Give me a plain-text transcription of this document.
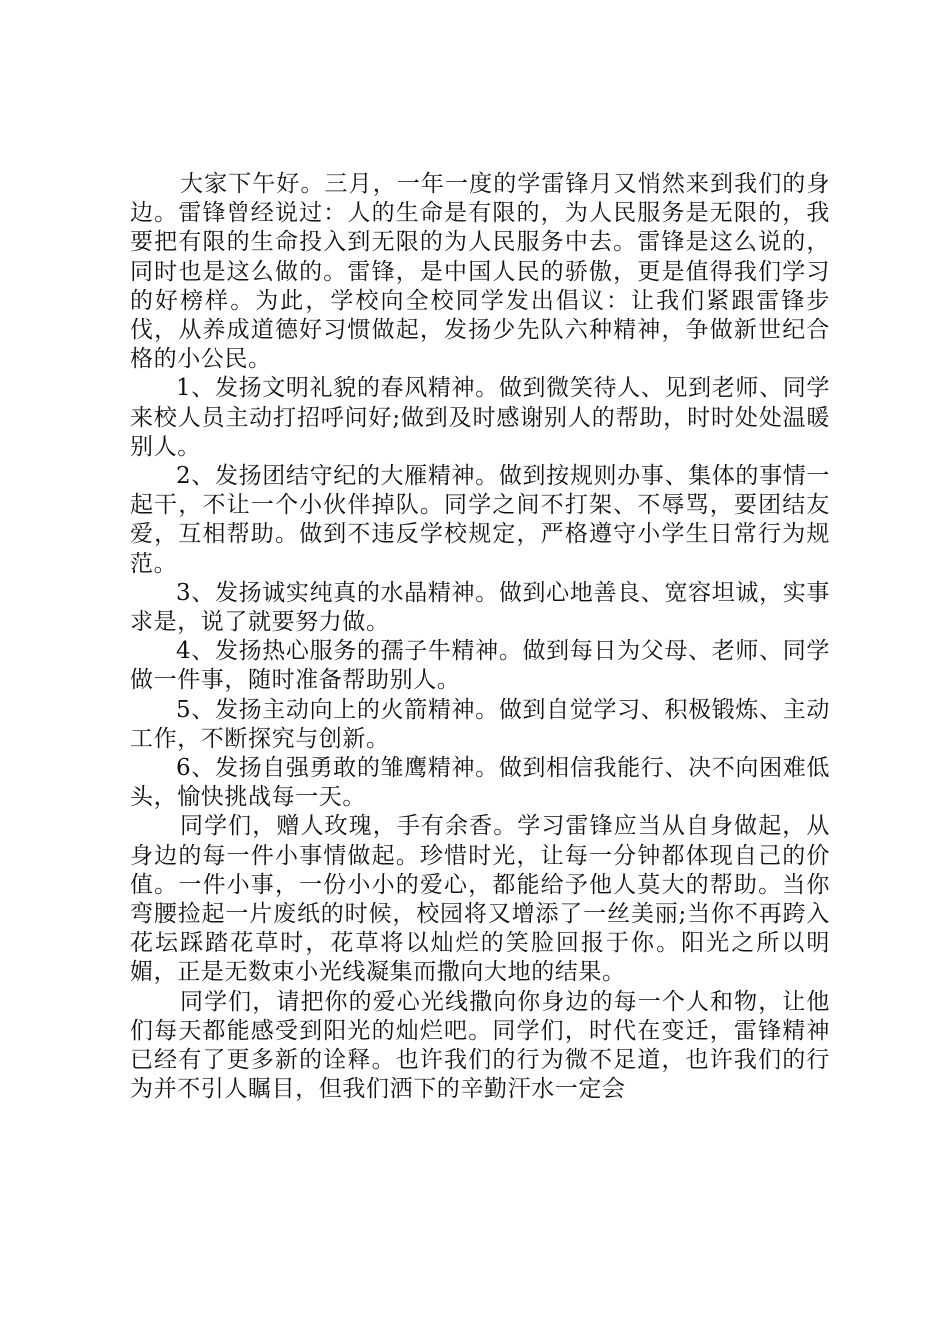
大家下午好。三月，一年一度的学雷锋月又悄然来到我们的身边。雷锋曾经说过：人的生命是有限的，为人民服务是无限的，我要把有限的生命投入到无限的为人民服务中去。雷锋是这么说的，同时也是这么做的。雷锋，是中国人民的骄傲，更是值得我们学习的好榜样。为此，学校向全校同学发出倡议：让我们紧跟雷锋步伐，从养成道德好习惯做起，发扬少先队六种精神，争做新世纪合格的小公民。

1、发扬文明礼貌的春风精神。做到微笑待人、见到老师、同学来校人员主动打招呼问好;做到及时感谢别人的帮助，时时处处温暖别人。

2、发扬团结守纪的大雁精神。做到按规则办事、集体的事情一起干，不让一个小伙伴掉队。同学之间不打架、不辱骂，要团结友爱，互相帮助。做到不违反学校规定，严格遵守小学生日常行为规范。

3、发扬诚实纯真的水晶精神。做到心地善良、宽容坦诚，实事求是，说了就要努力做。

4、发扬热心服务的孺子牛精神。做到每日为父母、老师、同学做一件事，随时准备帮助别人。

5、发扬主动向上的火箭精神。做到自觉学习、积极锻炼、主动工作，不断探究与创新。

6、发扬自强勇敢的雏鹰精神。做到相信我能行、决不向困难低头，愉快挑战每一天。

同学们，赠人玫瑰，手有余香。学习雷锋应当从自身做起，从身边的每一件小事情做起。珍惜时光，让每一分钟都体现自己的价值。一件小事，一份小小的爱心，都能给予他人莫大的帮助。当你弯腰捡起一片废纸的时候，校园将又增添了一丝美丽;当你不再跨入花坛踩踏花草时，花草将以灿烂的笑脸回报于你。阳光之所以明媚，正是无数束小光线凝集而撒向大地的结果。

同学们，请把你的爱心光线撒向你身边的每一个人和物，让他们每天都能感受到阳光的灿烂吧。同学们，时代在变迁，雷锋精神已经有了更多新的诠释。也许我们的行为微不足道，也许我们的行为并不引人瞩目，但我们洒下的辛勤汗水一定会
